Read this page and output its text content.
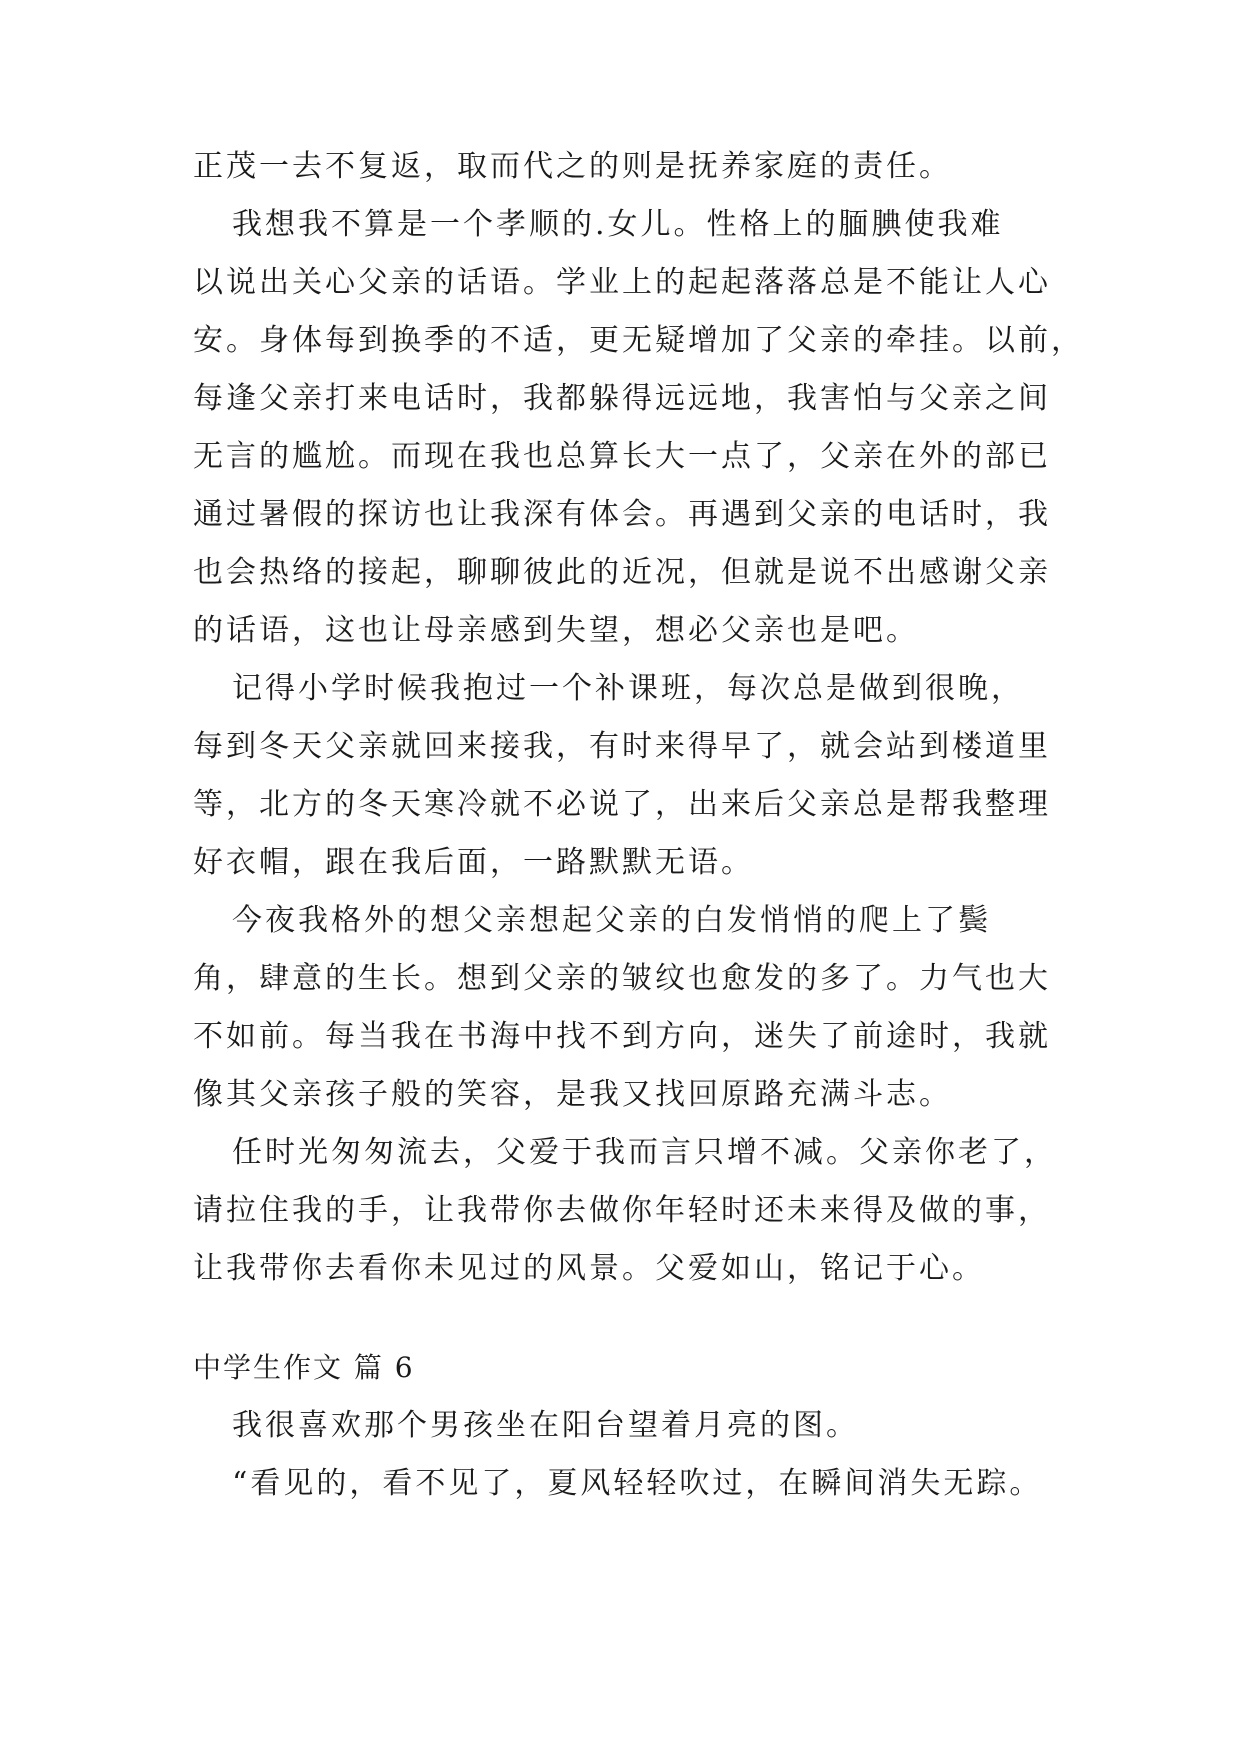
正茂一去不复返，取而代之的则是抚养家庭的责任。
我想我不算是一个孝顺的.女儿。性格上的腼腆使我难
以说出关心父亲的话语。学业上的起起落落总是不能让人心
安。身体每到换季的不适，更无疑增加了父亲的牵挂。以前，
每逢父亲打来电话时，我都躲得远远地，我害怕与父亲之间
无言的尴尬。而现在我也总算长大一点了，父亲在外的部已
通过暑假的探访也让我深有体会。再遇到父亲的电话时，我
也会热络的接起，聊聊彼此的近况，但就是说不出感谢父亲
的话语，这也让母亲感到失望，想必父亲也是吧。
记得小学时候我抱过一个补课班，每次总是做到很晚，
每到冬天父亲就回来接我，有时来得早了，就会站到楼道里
等，北方的冬天寒冷就不必说了，出来后父亲总是帮我整理
好衣帽，跟在我后面，一路默默无语。
今夜我格外的想父亲想起父亲的白发悄悄的爬上了鬓
角，肆意的生长。想到父亲的皱纹也愈发的多了。力气也大
不如前。每当我在书海中找不到方向，迷失了前途时，我就
像其父亲孩子般的笑容，是我又找回原路充满斗志。
任时光匆匆流去，父爱于我而言只增不减。父亲你老了，
请拉住我的手，让我带你去做你年轻时还未来得及做的事，
让我带你去看你未见过的风景。父爱如山，铭记于心。
中学生作文 篇 6
我很喜欢那个男孩坐在阳台望着月亮的图。
“看见的，看不见了，夏风轻轻吹过，在瞬间消失无踪。
